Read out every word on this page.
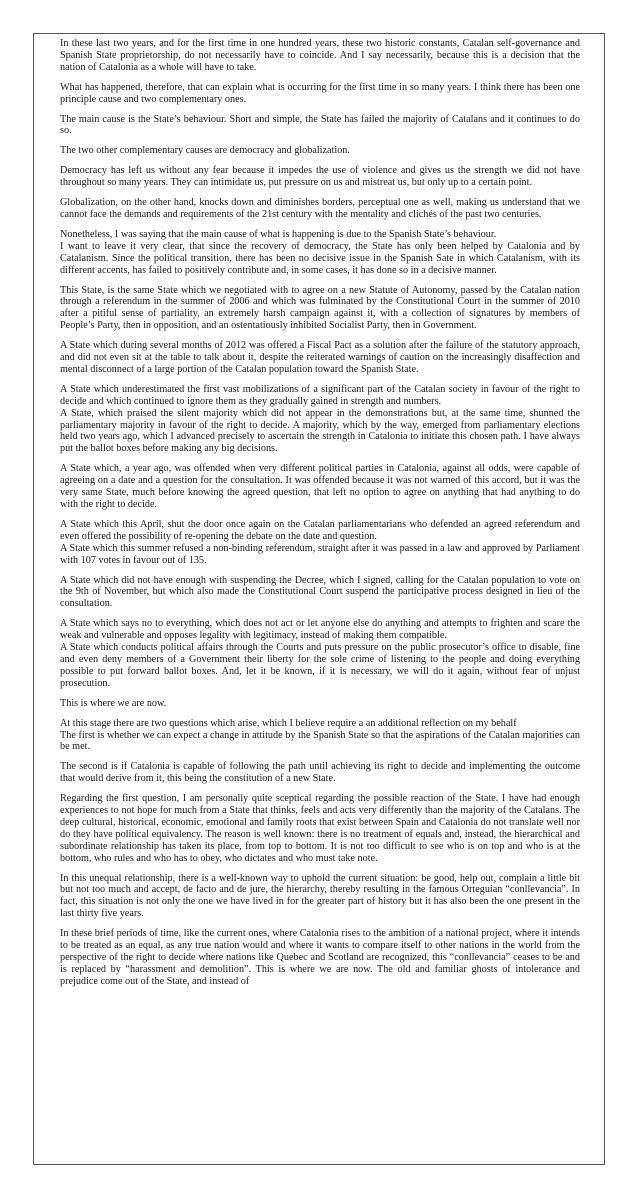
In these last two years, and for the first time in one hundred years, these two historic constants, Catalan self-governance and Spanish State proprietorship, do not necessarily have to coincide. And I say necessarily, because this is a decision that the nation of Catalonia as a whole will have to take.

What has happened, therefore, that can explain what is occurring for the first time in so many years. I think there has been one principle cause and two complementary ones.

The main cause is the State’s behaviour. Short and simple, the State has failed the majority of Catalans and it continues to do so.

The two other complementary causes are democracy and globalization.

Democracy has left us without any fear because it impedes the use of violence and gives us the strength we did not have throughout so many years. They can intimidate us, put pressure on us and mistreat us, but only up to a certain point.

Globalization, on the other hand, knocks down and diminishes borders, perceptual one as well, making us understand that we cannot face the demands and requirements of the 21st century with the mentality and clichés of the past two centuries.

Nonetheless, I was saying that the main cause of what is happening is due to the Spanish State’s behaviour.

I want to leave it very clear, that since the recovery of democracy, the State has only been helped by Catalonia and by Catalanism. Since the political transition, there has been no decisive issue in the Spanish Sate in which Catalanism, with its different accents, has failed to positively contribute and, in some cases, it has done so in a decisive manner.

This State, is the same State which we negotiated with to agree on a new Statute of Autonomy, passed by the Catalan nation through a referendum in the summer of 2006 and which was fulminated by the Constitutional Court in the summer of 2010 after a pitiful sense of partiality, an extremely harsh campaign against it, with a collection of signatures by members of People’s Party, then in opposition, and an ostentatiously inhibited Socialist Party, then in Government.

A State which during several months of 2012 was offered a Fiscal Pact as a solution after the failure of the statutory approach, and did not even sit at the table to talk about it, despite the reiterated warnings of caution on the increasingly disaffection and mental disconnect of a large portion of the Catalan population toward the Spanish State.

A State which underestimated the first vast mobilizations of a significant part of the Catalan society in favour of the right to decide and which continued to ignore them as they gradually gained in strength and numbers.

A State, which praised the silent majority which did not appear in the demonstrations but, at the same time, shunned the parliamentary majority in favour of the right to decide. A majority, which by the way, emerged from parliamentary elections held two years ago, which I advanced precisely to ascertain the strength in Catalonia to initiate this chosen path. I have always put the ballot boxes before making any big decisions.

A State which, a year ago, was offended when very different political parties in Catalonia, against all odds, were capable of agreeing on a date and a question for the consultation. It was offended because it was not warned of this accord, but it was the very same State, much before knowing the agreed question, that left no option to agree on anything that had anything to do with the right to decide.

A State which this April, shut the door once again on the Catalan parliamentarians who defended an agreed referendum and even offered the possibility of re-opening the debate on the date and question.

A State which this summer refused a non-binding referendum, straight after it was passed in a law and approved by Parliament with 107 votes in favour out of 135.

A State which did not have enough with suspending the Decree, which I signed, calling for the Catalan population to vote on the 9th of November, but which also made the Constitutional Court suspend the participative process designed in lieu of the consultation.

A State which says no to everything, which does not act or let anyone else do anything and attempts to frighten and scare the weak and vulnerable and opposes legality with legitimacy, instead of making them compatible.

A State which conducts political affairs through the Courts and puts pressure on the public prosecutor’s office to disable, fine and even deny members of a Government their liberty for the sole crime of listening to the people and doing everything possible to put forward ballot boxes. And, let it be known, if it is necessary, we will do it again, without fear of unjust prosecution.

This is where we are now.

At this stage there are two questions which arise, which I believe require a an additional reflection on my behalf

The first is whether we can expect a change in attitude by the Spanish State so that the aspirations of the Catalan majorities can be met.

The second is if Catalonia is capable of following the path until achieving its right to decide and implementing the outcome that would derive from it, this being the constitution of a new State.

Regarding the first question, I am personally quite sceptical regarding the possible reaction of the State. I have had enough experiences to not hope for much from a State that thinks, feels and acts very differently than the majority of the Catalans. The deep cultural, historical, economic, emotional and family roots that exist between Spain and Catalonia do not translate well nor do they have political equivalency. The reason is well known: there is no treatment of equals and, instead, the hierarchical and subordinate relationship has taken its place, from top to bottom. It is not too difficult to see who is on top and who is at the bottom, who rules and who has to obey, who dictates and who must take note.

In this unequal relationship, there is a well-known way to uphold the current situation: be good, help out, complain a little bit but not too much and accept, de facto and de jure, the hierarchy, thereby resulting in the famous Orteguian “conllevancia”. In fact, this situation is not only the one we have lived in for the greater part of history but it has also been the one present in the last thirty five years.

In these brief periods of time, like the current ones, where Catalonia rises to the ambition of a national project, where it intends to be treated as an equal, as any true nation would and where it wants to compare itself to other nations in the world from the perspective of the right to decide where nations like Quebec and Scotland are recognized, this “conllevancia” ceases to be and is replaced by “harassment and demolition”. This is where we are now. The old and familiar ghosts of intolerance and prejudice come out of the State, and instead of
